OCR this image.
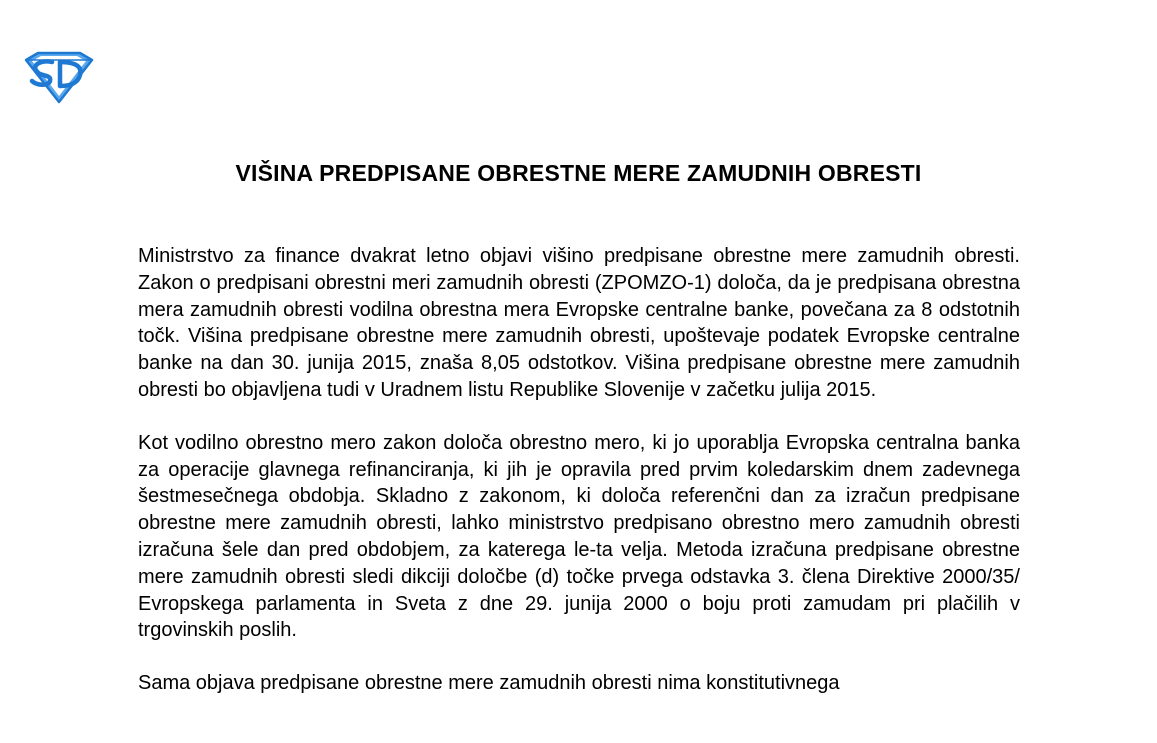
VIŠINA PREDPISANE OBRESTNE MERE ZAMUDNIH OBRESTI

Ministrstvo za finance dvakrat letno objavi višino predpisane obrestne mere zamudnih obresti. Zakon o predpisani obrestni meri zamudnih obresti (ZPOMZO-1) določa, da je predpisana obrestna mera zamudnih obresti vodilna obrestna mera Evropske centralne banke, povečana za 8 odstotnih točk. Višina predpisane obrestne mere zamudnih obresti, upoštevaje podatek Evropske centralne banke na dan 30. junija 2015, znaša 8,05 odstotkov. Višina predpisane obrestne mere zamudnih obresti bo objavljena tudi v Uradnem listu Republike Slovenije v začetku julija 2015.

Kot vodilno obrestno mero zakon določa obrestno mero, ki jo uporablja Evropska centralna banka za operacije glavnega refinanciranja, ki jih je opravila pred prvim koledarskim dnem zadevnega šestmesečnega obdobja. Skladno z zakonom, ki določa referenčni dan za izračun predpisane obrestne mere zamudnih obresti, lahko ministrstvo predpisano obrestno mero zamudnih obresti izračuna šele dan pred obdobjem, za katerega le-ta velja. Metoda izračuna predpisane obrestne mere zamudnih obresti sledi dikciji določbe (d) točke prvega odstavka 3. člena Direktive 2000/35/ Evropskega parlamenta in Sveta z dne 29. junija 2000 o boju proti zamudam pri plačilih v trgovinskih poslih.

Sama objava predpisane obrestne mere zamudnih obresti nima konstitutivnega
